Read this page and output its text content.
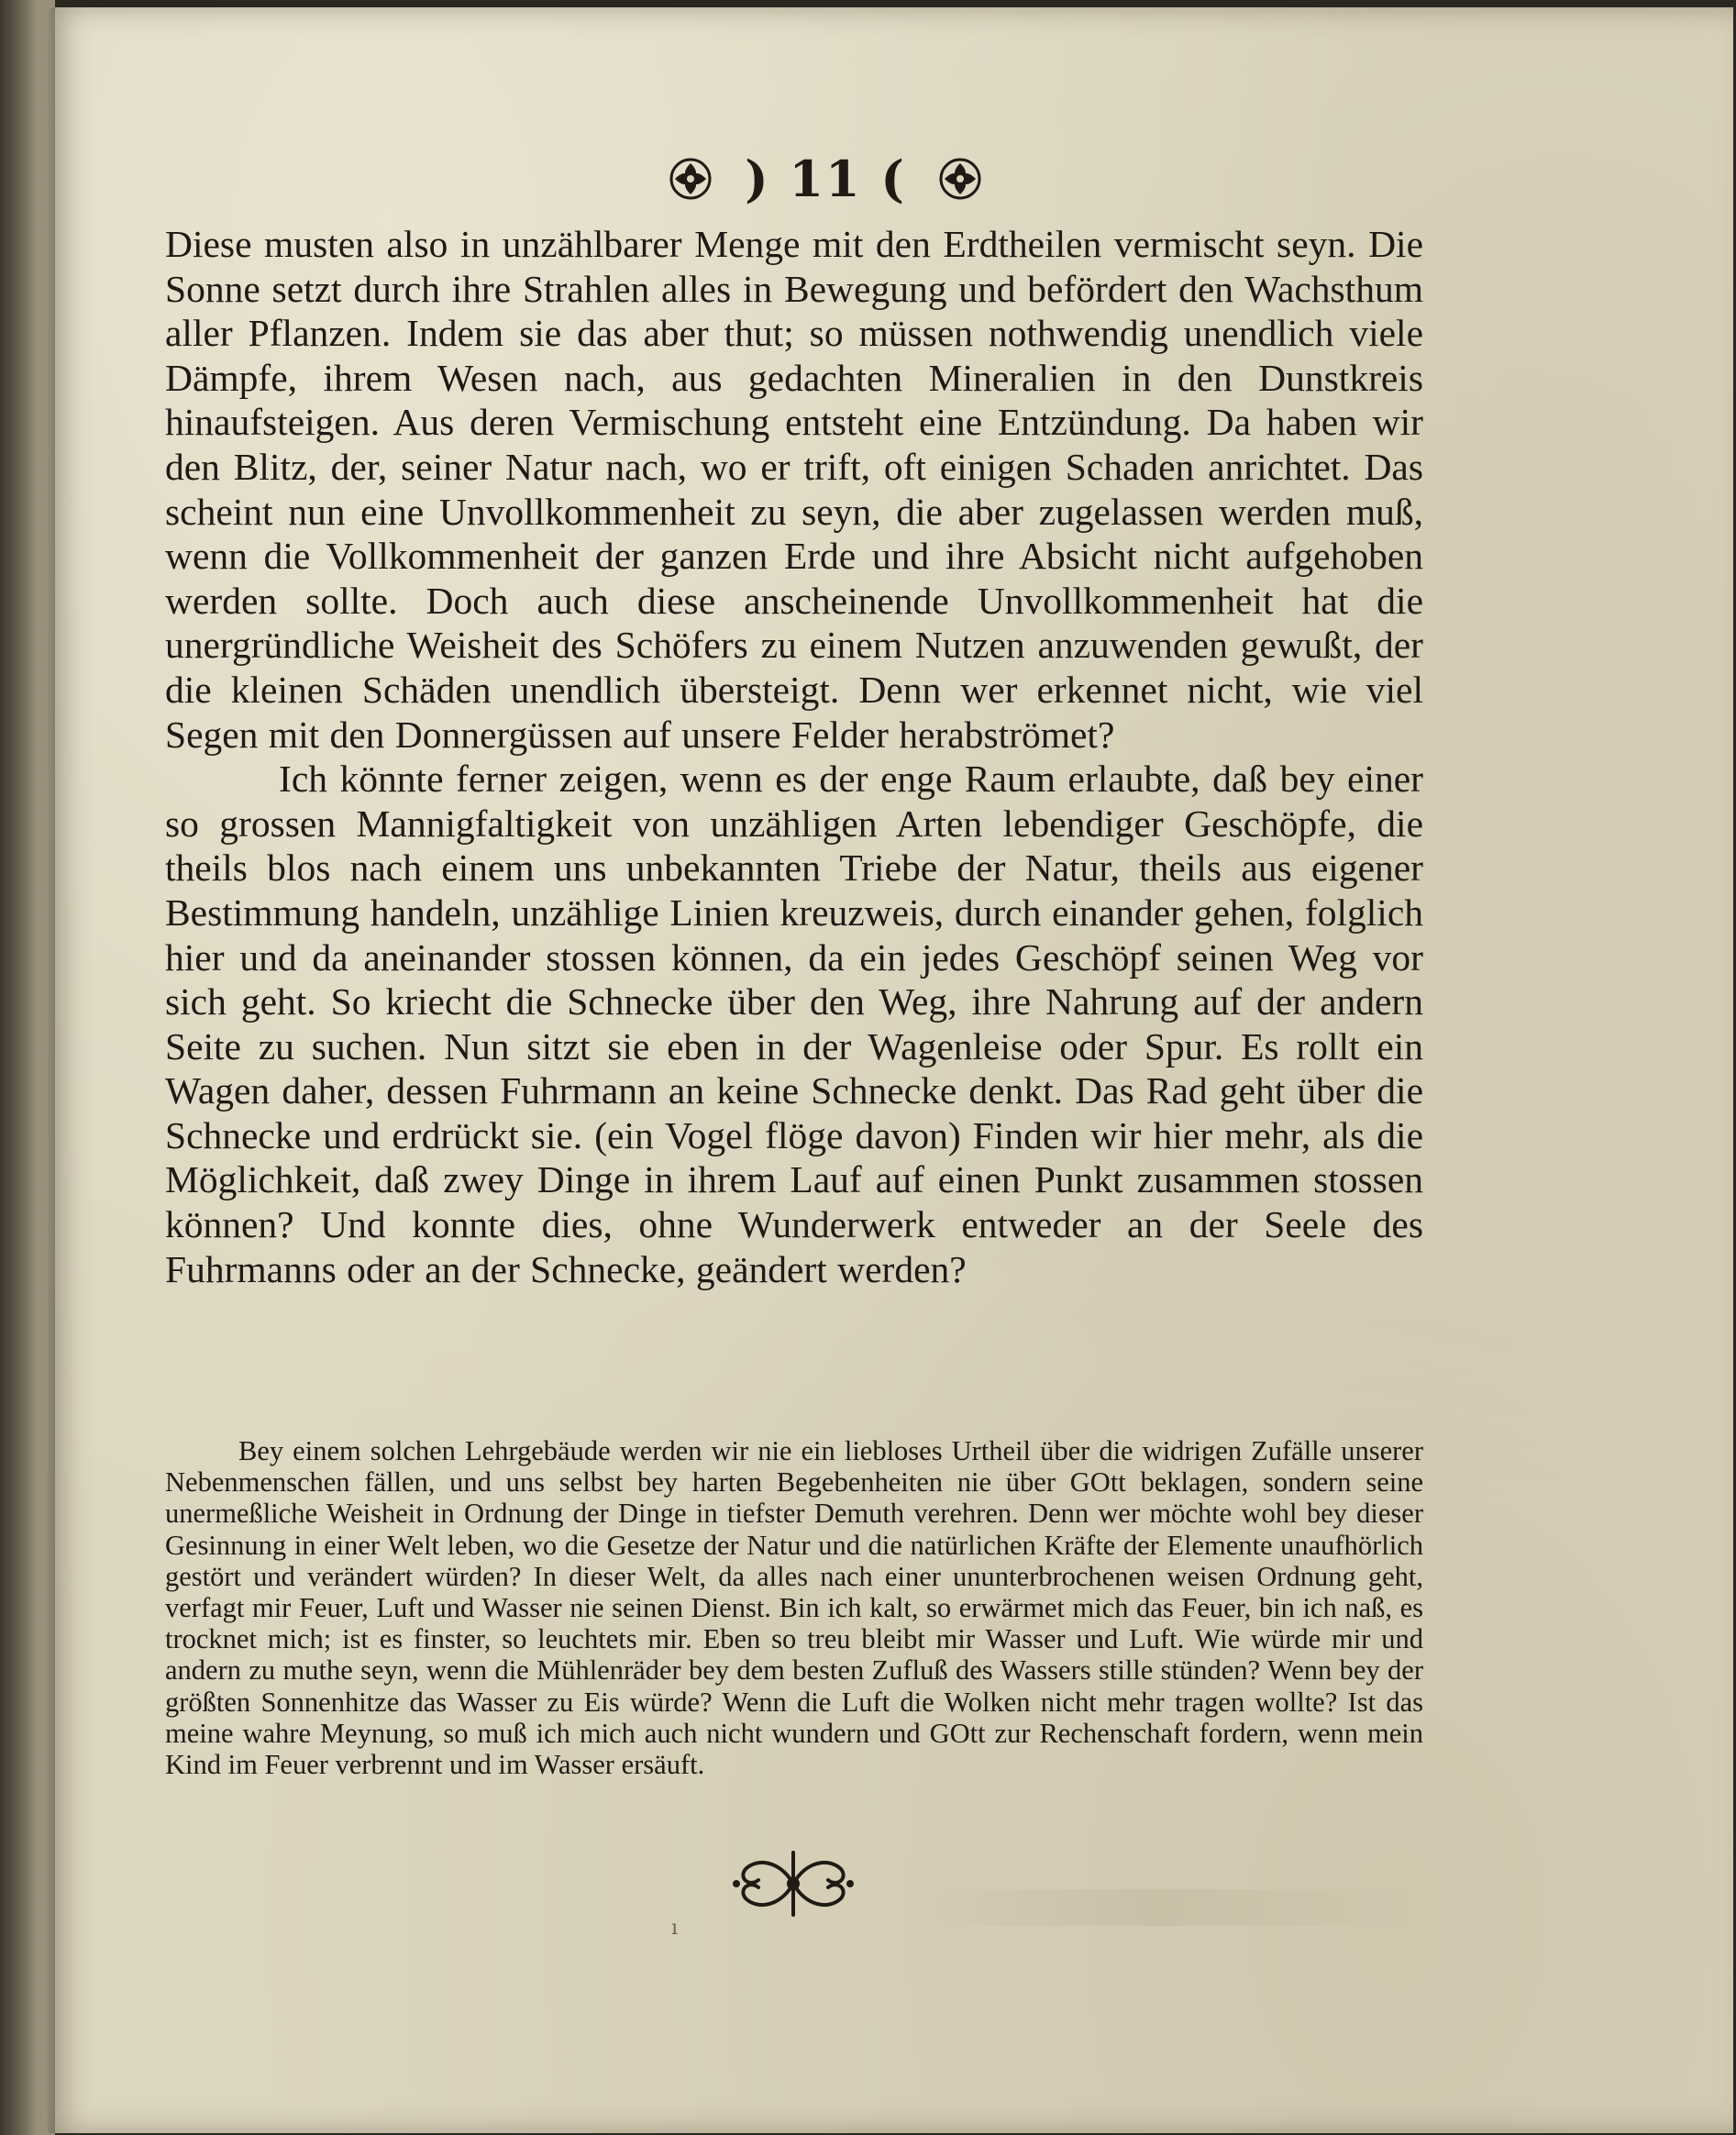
) 11 (

Diese musten also in unzählbarer Menge mit den Erdtheilen vermischt seyn. Die Sonne setzt durch ihre Strahlen alles in Bewegung und befördert den Wachsthum aller Pflanzen. Indem sie das aber thut; so müssen nothwendig unendlich viele Dämpfe, ihrem Wesen nach, aus gedachten Mineralien in den Dunstkreis hinaufsteigen. Aus deren Vermischung entsteht eine Entzündung. Da haben wir den Blitz, der, seiner Natur nach, wo er trift, oft einigen Schaden anrichtet. Das scheint nun eine Unvollkommenheit zu seyn, die aber zugelassen werden muß, wenn die Vollkommenheit der ganzen Erde und ihre Absicht nicht aufgehoben werden sollte. Doch auch diese anscheinende Unvollkommenheit hat die unergründliche Weisheit des Schöfers zu einem Nutzen anzuwenden gewußt, der die kleinen Schäden unendlich übersteigt. Denn wer erkennet nicht, wie viel Segen mit den Donnergüssen auf unsere Felder herabströmet?

Ich könnte ferner zeigen, wenn es der enge Raum erlaubte, daß bey einer so grossen Mannigfaltigkeit von unzähligen Arten lebendiger Geschöpfe, die theils blos nach einem uns unbekannten Triebe der Natur, theils aus eigener Bestimmung handeln, unzählige Linien kreuzweis, durch einander gehen, folglich hier und da aneinander stossen können, da ein jedes Geschöpf seinen Weg vor sich geht. So kriecht die Schnecke über den Weg, ihre Nahrung auf der andern Seite zu suchen. Nun sitzt sie eben in der Wagenleise oder Spur. Es rollt ein Wagen daher, dessen Fuhrmann an keine Schnecke denkt. Das Rad geht über die Schnecke und erdrückt sie. (ein Vogel flöge davon) Finden wir hier mehr, als die Möglichkeit, daß zwey Dinge in ihrem Lauf auf einen Punkt zusammen stossen können? Und konnte dies, ohne Wunderwerk entweder an der Seele des Fuhrmanns oder an der Schnecke, geändert werden?

Bey einem solchen Lehrgebäude werden wir nie ein liebloses Urtheil über die widrigen Zufälle unserer Nebenmenschen fällen, und uns selbst bey harten Begebenheiten nie über GOtt beklagen, sondern seine unermeßliche Weisheit in Ordnung der Dinge in tiefster Demuth verehren. Denn wer möchte wohl bey dieser Gesinnung in einer Welt leben, wo die Gesetze der Natur und die natürlichen Kräfte der Elemente unaufhörlich gestört und verändert würden? In dieser Welt, da alles nach einer ununterbrochenen weisen Ordnung geht, verfagt mir Feuer, Luft und Wasser nie seinen Dienst. Bin ich kalt, so erwärmet mich das Feuer, bin ich naß, es trocknet mich; ist es finster, so leuchtets mir. Eben so treu bleibt mir Wasser und Luft. Wie würde mir und andern zu muthe seyn, wenn die Mühlenräder bey dem besten Zufluß des Wassers stille stünden? Wenn bey der größten Sonnenhitze das Wasser zu Eis würde? Wenn die Luft die Wolken nicht mehr tragen wollte? Ist das meine wahre Meynung, so muß ich mich auch nicht wundern und GOtt zur Rechenschaft fordern, wenn mein Kind im Feuer verbrennt und im Wasser ersäuft.

ı
